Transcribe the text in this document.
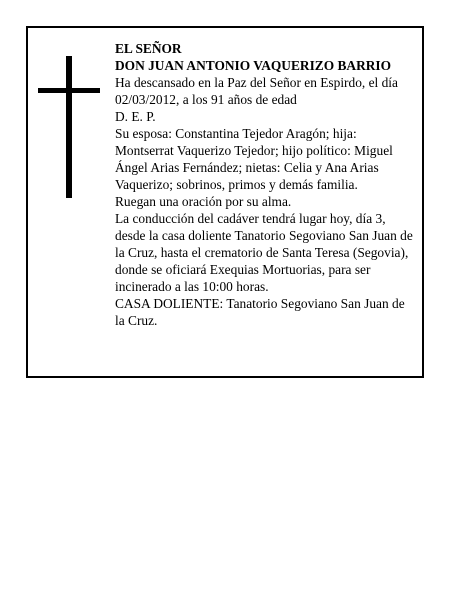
EL SEÑOR
DON JUAN ANTONIO VAQUERIZO BARRIO
Ha descansado en la Paz del Señor en Espirdo, el día
02/03/2012, a los 91 años de edad
D. E. P.
Su esposa: Constantina Tejedor Aragón; hija:
Montserrat Vaquerizo Tejedor; hijo político: Miguel
Ángel Arias Fernández; nietas: Celia y Ana Arias
Vaquerizo; sobrinos, primos y demás familia.
Ruegan una oración por su alma.
La conducción del cadáver tendrá lugar hoy, día 3,
desde la casa doliente Tanatorio Segoviano San Juan de
la Cruz, hasta el crematorio de Santa Teresa (Segovia),
donde se oficiará Exequias Mortuorias, para ser
incinerado a las 10:00 horas.
CASA DOLIENTE: Tanatorio Segoviano San Juan de
la Cruz.
